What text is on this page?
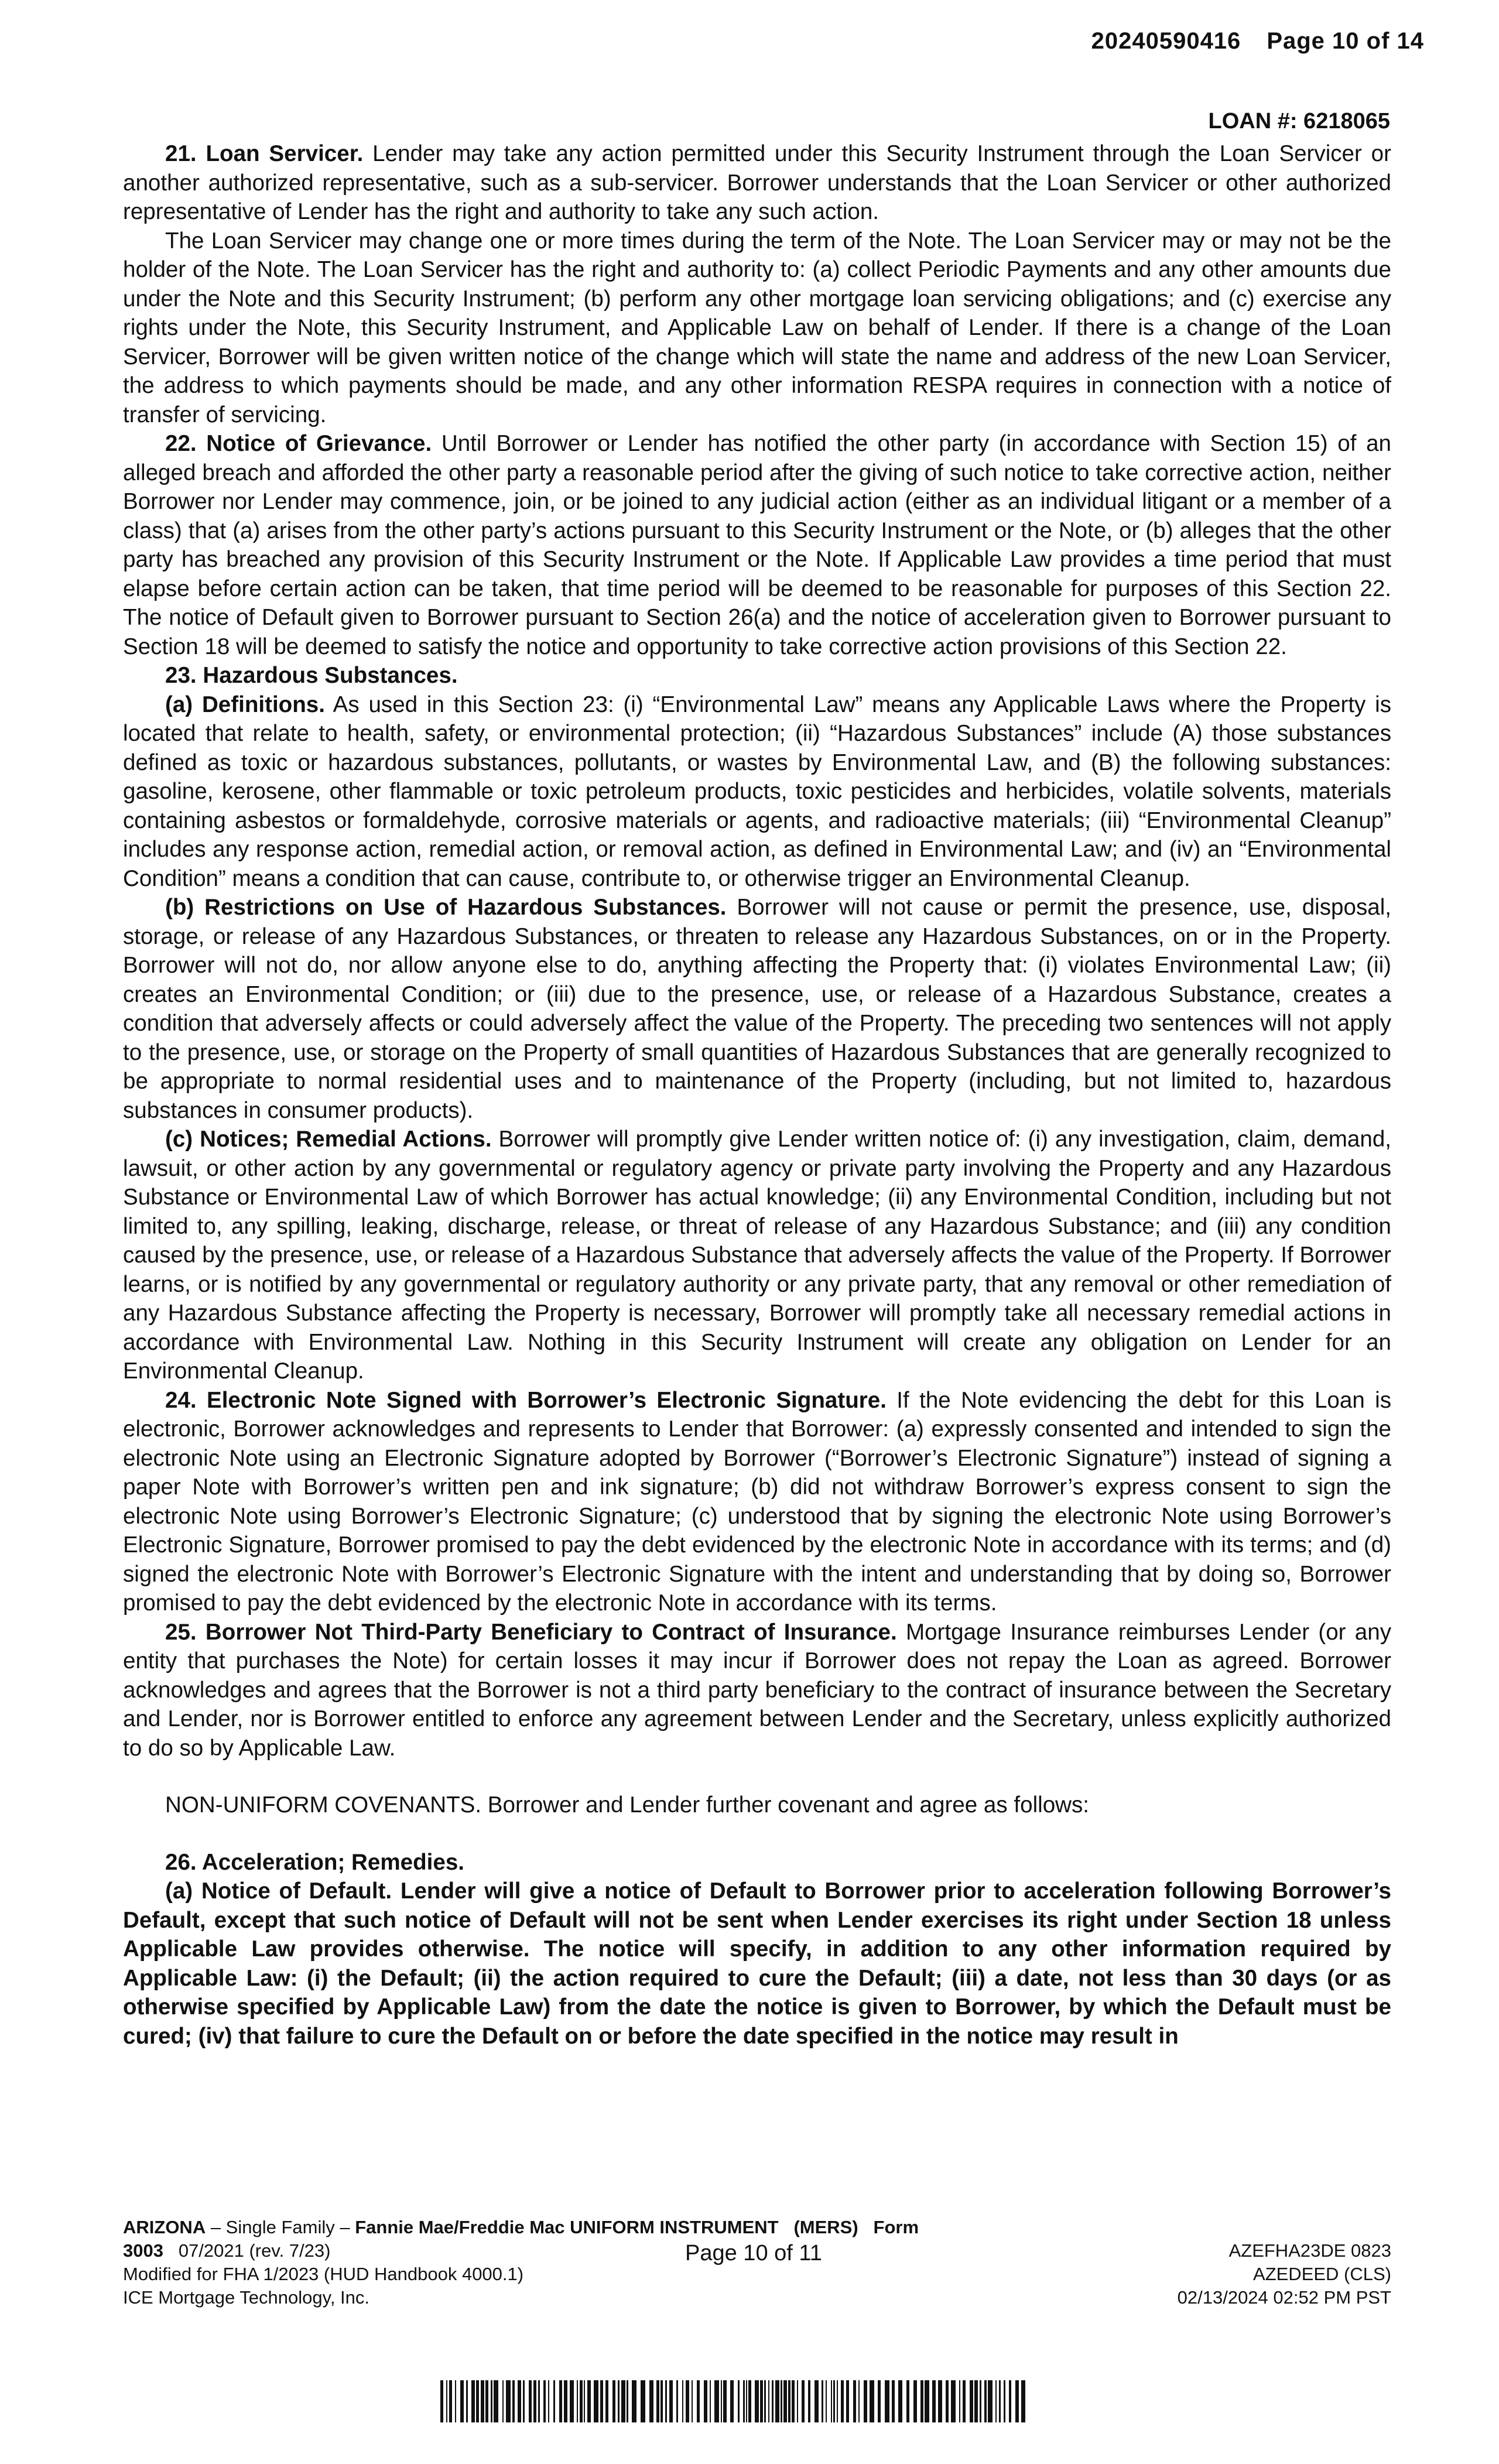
20240590416 Page 10 of 14
LOAN #: 6218065

21. Loan Servicer. Lender may take any action permitted under this Security Instrument through the Loan Servicer or another authorized representative, such as a sub-servicer. Borrower understands that the Loan Servicer or other authorized representative of Lender has the right and authority to take any such action.

The Loan Servicer may change one or more times during the term of the Note. The Loan Servicer may or may not be the holder of the Note. The Loan Servicer has the right and authority to: (a) collect Periodic Payments and any other amounts due under the Note and this Security Instrument; (b) perform any other mortgage loan servicing obligations; and (c) exercise any rights under the Note, this Security Instrument, and Applicable Law on behalf of Lender. If there is a change of the Loan Servicer, Borrower will be given written notice of the change which will state the name and address of the new Loan Servicer, the address to which payments should be made, and any other information RESPA requires in connection with a notice of transfer of servicing.

22. Notice of Grievance. Until Borrower or Lender has notified the other party (in accordance with Section 15) of an alleged breach and afforded the other party a reasonable period after the giving of such notice to take corrective action, neither Borrower nor Lender may commence, join, or be joined to any judicial action (either as an individual litigant or a member of a class) that (a) arises from the other party’s actions pursuant to this Security Instrument or the Note, or (b) alleges that the other party has breached any provision of this Security Instrument or the Note. If Applicable Law provides a time period that must elapse before certain action can be taken, that time period will be deemed to be reasonable for purposes of this Section 22. The notice of Default given to Borrower pursuant to Section 26(a) and the notice of acceleration given to Borrower pursuant to Section 18 will be deemed to satisfy the notice and opportunity to take corrective action provisions of this Section 22.

23. Hazardous Substances.

(a) Definitions. As used in this Section 23: (i) “Environmental Law” means any Applicable Laws where the Property is located that relate to health, safety, or environmental protection; (ii) “Hazardous Substances” include (A) those substances defined as toxic or hazardous substances, pollutants, or wastes by Environmental Law, and (B) the following substances: gasoline, kerosene, other flammable or toxic petroleum products, toxic pesticides and herbicides, volatile solvents, materials containing asbestos or formaldehyde, corrosive materials or agents, and radioactive materials; (iii) “Environmental Cleanup” includes any response action, remedial action, or removal action, as defined in Environmental Law; and (iv) an “Environmental Condition” means a condition that can cause, contribute to, or otherwise trigger an Environmental Cleanup.

(b) Restrictions on Use of Hazardous Substances. Borrower will not cause or permit the presence, use, disposal, storage, or release of any Hazardous Substances, or threaten to release any Hazardous Substances, on or in the Property. Borrower will not do, nor allow anyone else to do, anything affecting the Property that: (i) violates Environmental Law; (ii) creates an Environmental Condition; or (iii) due to the presence, use, or release of a Hazardous Substance, creates a condition that adversely affects or could adversely affect the value of the Property. The preceding two sentences will not apply to the presence, use, or storage on the Property of small quantities of Hazardous Substances that are generally recognized to be appropriate to normal residential uses and to maintenance of the Property (including, but not limited to, hazardous substances in consumer products).

(c) Notices; Remedial Actions. Borrower will promptly give Lender written notice of: (i) any investigation, claim, demand, lawsuit, or other action by any governmental or regulatory agency or private party involving the Property and any Hazardous Substance or Environmental Law of which Borrower has actual knowledge; (ii) any Environmental Condition, including but not limited to, any spilling, leaking, discharge, release, or threat of release of any Hazardous Substance; and (iii) any condition caused by the presence, use, or release of a Hazardous Substance that adversely affects the value of the Property. If Borrower learns, or is notified by any governmental or regulatory authority or any private party, that any removal or other remediation of any Hazardous Substance affecting the Property is necessary, Borrower will promptly take all necessary remedial actions in accordance with Environmental Law. Nothing in this Security Instrument will create any obligation on Lender for an Environmental Cleanup.

24. Electronic Note Signed with Borrower’s Electronic Signature. If the Note evidencing the debt for this Loan is electronic, Borrower acknowledges and represents to Lender that Borrower: (a) expressly consented and intended to sign the electronic Note using an Electronic Signature adopted by Borrower (“Borrower’s Electronic Signature”) instead of signing a paper Note with Borrower’s written pen and ink signature; (b) did not withdraw Borrower’s express consent to sign the electronic Note using Borrower’s Electronic Signature; (c) understood that by signing the electronic Note using Borrower’s Electronic Signature, Borrower promised to pay the debt evidenced by the electronic Note in accordance with its terms; and (d) signed the electronic Note with Borrower’s Electronic Signature with the intent and understanding that by doing so, Borrower promised to pay the debt evidenced by the electronic Note in accordance with its terms.

25. Borrower Not Third-Party Beneficiary to Contract of Insurance. Mortgage Insurance reimburses Lender (or any entity that purchases the Note) for certain losses it may incur if Borrower does not repay the Loan as agreed. Borrower acknowledges and agrees that the Borrower is not a third party beneficiary to the contract of insurance between the Secretary and Lender, nor is Borrower entitled to enforce any agreement between Lender and the Secretary, unless explicitly authorized to do so by Applicable Law.

NON-UNIFORM COVENANTS. Borrower and Lender further covenant and agree as follows:

26. Acceleration; Remedies.

(a) Notice of Default. Lender will give a notice of Default to Borrower prior to acceleration following Borrower’s Default, except that such notice of Default will not be sent when Lender exercises its right under Section 18 unless Applicable Law provides otherwise. The notice will specify, in addition to any other information required by Applicable Law: (i) the Default; (ii) the action required to cure the Default; (iii) a date, not less than 30 days (or as otherwise specified by Applicable Law) from the date the notice is given to Borrower, by which the Default must be cured; (iv) that failure to cure the Default on or before the date specified in the notice may result in

ARIZONA – Single Family – Fannie Mae/Freddie Mac UNIFORM INSTRUMENT (MERS) Form 3003 07/2021 (rev. 7/23)
Modified for FHA 1/2023 (HUD Handbook 4000.1)
ICE Mortgage Technology, Inc.
Page 10 of 11	AZEFHA23DE 0823
AZEDEED (CLS)
02/13/2024 02:52 PM PST
